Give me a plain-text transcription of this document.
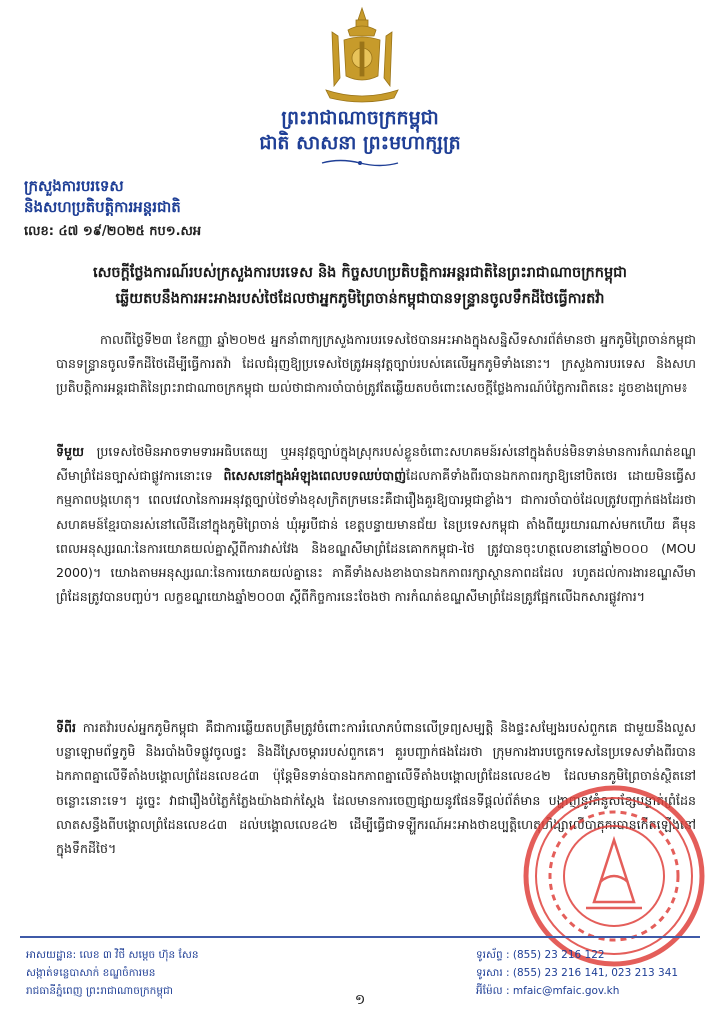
ព្រះរាជាណាចក្រកម្ពុជា
ជាតិ សាសនា ព្រះមហាក្សត្រ
ក្រសួងការបរទេស
និងសហប្រតិបត្តិការអន្តរជាតិ
លេខ: ៤៧ ១៩/២០២៥ កប១.សអ
សេចក្តីថ្លែងការណ៍របស់ក្រសួងការបរទេស និង កិច្ចសហប្រតិបត្តិការអន្តរជាតិនៃព្រះរាជាណាចក្រកម្ពុជា
ឆ្លើយតបនឹងការអះអាងរបស់ថៃដែលថាអ្នកភូមិព្រៃចាន់កម្ពុជាបានទន្ទ្រានចូលទឹកដីថៃធ្វើការតវ៉ា

កាលពីថ្ងៃទី២៣ ខែកញ្ញា ឆ្នាំ២០២៥ អ្នកនាំពាក្យក្រសួងការបរទេសថៃបានអះអាងក្នុងសន្និសីទសារព័ត៌មានថា អ្នកភូមិព្រៃចាន់កម្ពុជាបានទន្ទ្រានចូលទឹកដីថៃដើម្បីធ្វើការតវ៉ា ដែលជំរុញឱ្យប្រទេសថៃត្រូវអនុវត្តច្បាប់របស់គេលើអ្នកភូមិទាំងនោះ។ ក្រសួងការបរទេស និងសហប្រតិបត្តិការអន្តរជាតិនៃព្រះរាជាណាចក្រកម្ពុជា យល់ថាជាការចាំបាច់ត្រូវតែឆ្លើយតបចំពោះសេចក្តីថ្លែងការណ៍បំភ្លៃការពិតនេះ ដូចខាងក្រោម៖

ទីមួយ ប្រទេសថៃមិនអាចទាមទារអធិបតេយ្យ ឬអនុវត្តច្បាប់ក្នុងស្រុករបស់ខ្លួនចំពោះសហគមន៍រស់នៅក្នុងតំបន់មិនទាន់មានការកំណត់ខណ្ឌសីមាព្រំដែនច្បាស់ជាផ្លូវការនោះទេ ពិសេសនៅក្នុងអំឡុងពេលបទឈប់បាញ់ដែលភាគីទាំងពីរបានឯកភាពរក្សាឱ្យនៅបិតថេរ ដោយមិនធ្វើសកម្មភាពបង្កហេតុ។ ពេលវេលានៃការអនុវត្តច្បាប់ថៃទាំងខុសក្រិតក្រមនេះគឺជារឿងគួរឱ្យបារម្ភជាខ្លាំង។ ជាការចាំបាច់ដែលត្រូវបញ្ជាក់ផងដែរថា សហគមន៍ខ្មែរបានរស់នៅលើដីនៅក្នុងភូមិព្រៃចាន់ ឃុំអូរបីជាន់ ខេត្តបន្ទាយមានជ័យ នៃប្រទេសកម្ពុជា តាំងពីយូរយារណាស់មកហើយ គឺមុនពេលអនុស្សរណៈនៃការយោគយល់គ្នាស្ដីពីការវាស់វែង និងខណ្ឌសីមាព្រំដែនគោកកម្ពុជា-ថៃ ត្រូវបានចុះហត្ថលេខានៅឆ្នាំ២០០០ (MOU 2000)។ យោងតាមអនុស្សរណៈនៃការយោគយល់គ្នានេះ ភាគីទាំងសងខាងបានឯកភាពរក្សាស្ថានភាពដដែល រហូតដល់ការងារខណ្ឌសីមាព្រំដែនត្រូវបានបញ្ចប់។ លក្ខខណ្ឌយោងឆ្នាំ២០០៣ ស្ដីពីកិច្ចការនេះចែងថា ការកំណត់ខណ្ឌសីមាព្រំដែនត្រូវផ្អែកលើឯកសារផ្លូវការ។

ទីពីរ ការតវ៉ារបស់អ្នកភូមិកម្ពុជា គឺជាការឆ្លើយតបត្រឹមត្រូវចំពោះការរំលោភបំពានលើទ្រព្យសម្បត្តិ និងផ្ទះសម្បែងរបស់ពួកគេ ជាមួយនឹងលួសបន្លាឡោមព័ទ្ធភូមិ និងរបាំងបិទផ្លូវចូលផ្ទះ និងដីស្រែចម្ការរបស់ពួកគេ។ គួរបញ្ជាក់ផងដែរថា ក្រុមការងារបច្ចេកទេសនៃប្រទេសទាំងពីរបានឯកភាពគ្នាលើទីតាំងបង្គោលព្រំដែនលេខ៤៣ ប៉ុន្តែមិនទាន់បានឯកភាពគ្នាលើទីតាំងបង្គោលព្រំដែនលេខ៤២ ដែលមានភូមិព្រៃចាន់ស្ថិតនៅចន្លោះនោះទេ។ ដូច្នេះ វាជារឿងបំភ្លៃកំភ្លែងយ៉ាងជាក់ស្ដែង ដែលមានការចេញផ្សាយនូវផែនទីផ្ដល់ព័ត៌មាន បង្ហាញនូវគំនូសខ្សែបន្ទាត់ព្រំដែនលាតសន្ធឹងពីបង្គោលព្រំដែនលេខ៤៣ ដល់បង្គោលលេខ៤២ ដើម្បីធ្វើជាទឡ្ហីករណ៍អះអាងថាឧប្បត្តិហេតុហិង្សាលើបាតុករបានកើតឡើងនៅក្នុងទឹកដីថៃ។

អាសយដ្ឋាន: លេខ ៣ វិថី សម្តេច ហ៊ុន សែន
សង្កាត់ទន្លេបាសាក់ ខណ្ឌចំការមន
រាជធានីភ្នំពេញ ព្រះរាជាណាចក្រកម្ពុជា
ទូរស័ព្ទ : (855) 23 216 122
ទូរសារ : (855) 23 216 141, 023 213 341
អ៊ីម៉ែល : mfaic@mfaic.gov.kh
១
